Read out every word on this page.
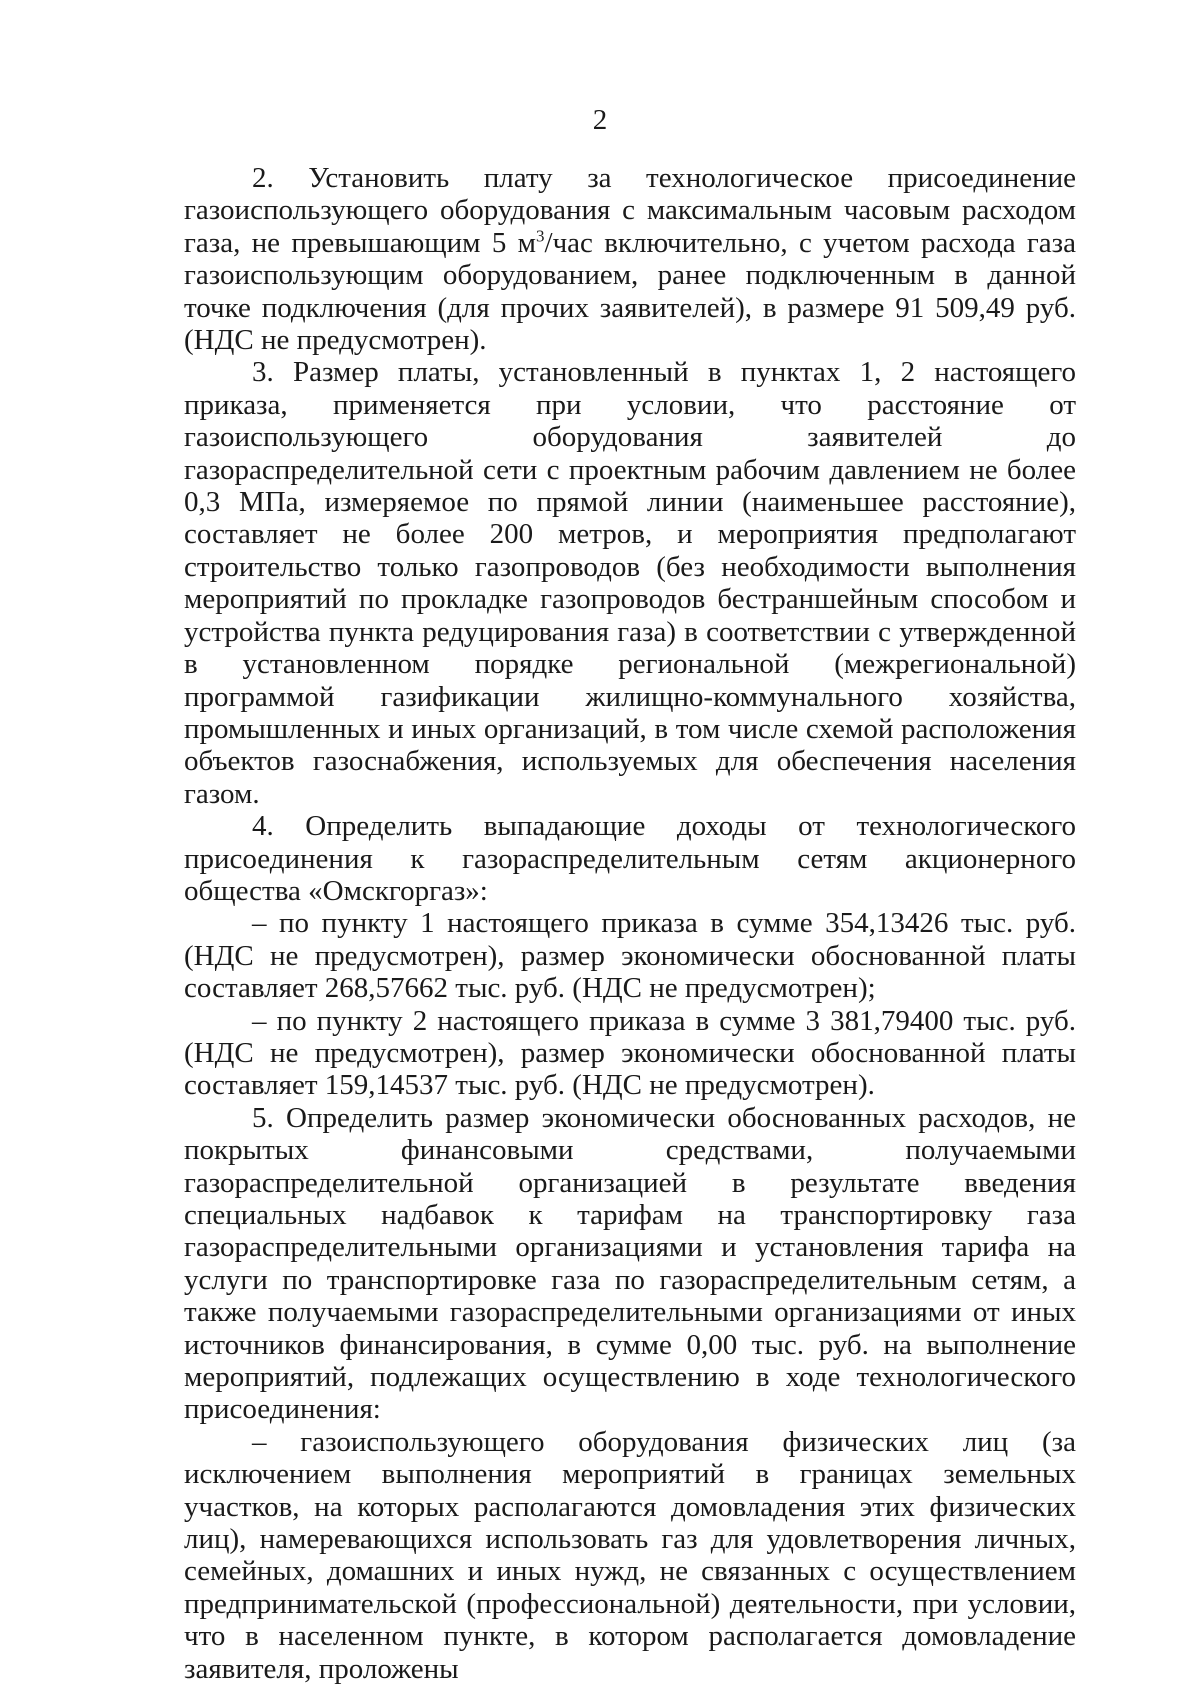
2

2. Установить плату за технологическое присоединение газоиспользующего оборудования с максимальным часовым расходом газа, не превышающим 5 $м^3$/час включительно, с учетом расхода газа газоиспользующим оборудованием, ранее подключенным в данной точке подключения (для прочих заявителей), в размере 91 509,49 руб. (НДС не предусмотрен).

3. Размер платы, установленный в пунктах 1, 2 настоящего приказа, применяется при условии, что расстояние от газоиспользующего оборудования заявителей до газораспределительной сети с проектным рабочим давлением не более 0,3 МПа, измеряемое по прямой линии (наименьшее расстояние), составляет не более 200 метров, и мероприятия предполагают строительство только газопроводов (без необходимости выполнения мероприятий по прокладке газопроводов бестраншейным способом и устройства пункта редуцирования газа) в соответствии с утвержденной в установленном порядке региональной (межрегиональной) программой газификации жилищно-коммунального хозяйства, промышленных и иных организаций, в том числе схемой расположения объектов газоснабжения, используемых для обеспечения населения газом.

4. Определить выпадающие доходы от технологического присоединения к газораспределительным сетям акционерного общества «Омскгоргаз»:

– по пункту 1 настоящего приказа в сумме 354,13426 тыс. руб. (НДС не предусмотрен), размер экономически обоснованной платы составляет 268,57662 тыс. руб. (НДС не предусмотрен);

– по пункту 2 настоящего приказа в сумме 3 381,79400 тыс. руб. (НДС не предусмотрен), размер экономически обоснованной платы составляет 159,14537 тыс. руб. (НДС не предусмотрен).

5. Определить размер экономически обоснованных расходов, не покрытых финансовыми средствами, получаемыми газораспределительной организацией в результате введения специальных надбавок к тарифам на транспортировку газа газораспределительными организациями и установления тарифа на услуги по транспортировке газа по газораспределительным сетям, а также получаемыми газораспределительными организациями от иных источников финансирования, в сумме 0,00 тыс. руб. на выполнение мероприятий, подлежащих осуществлению в ходе технологического присоединения:

– газоиспользующего оборудования физических лиц (за исключением выполнения мероприятий в границах земельных участков, на которых располагаются домовладения этих физических лиц), намеревающихся использовать газ для удовлетворения личных, семейных, домашних и иных нужд, не связанных с осуществлением предпринимательской (профессиональной) деятельности, при условии, что в населенном пункте, в котором располагается домовладение заявителя, проложены
